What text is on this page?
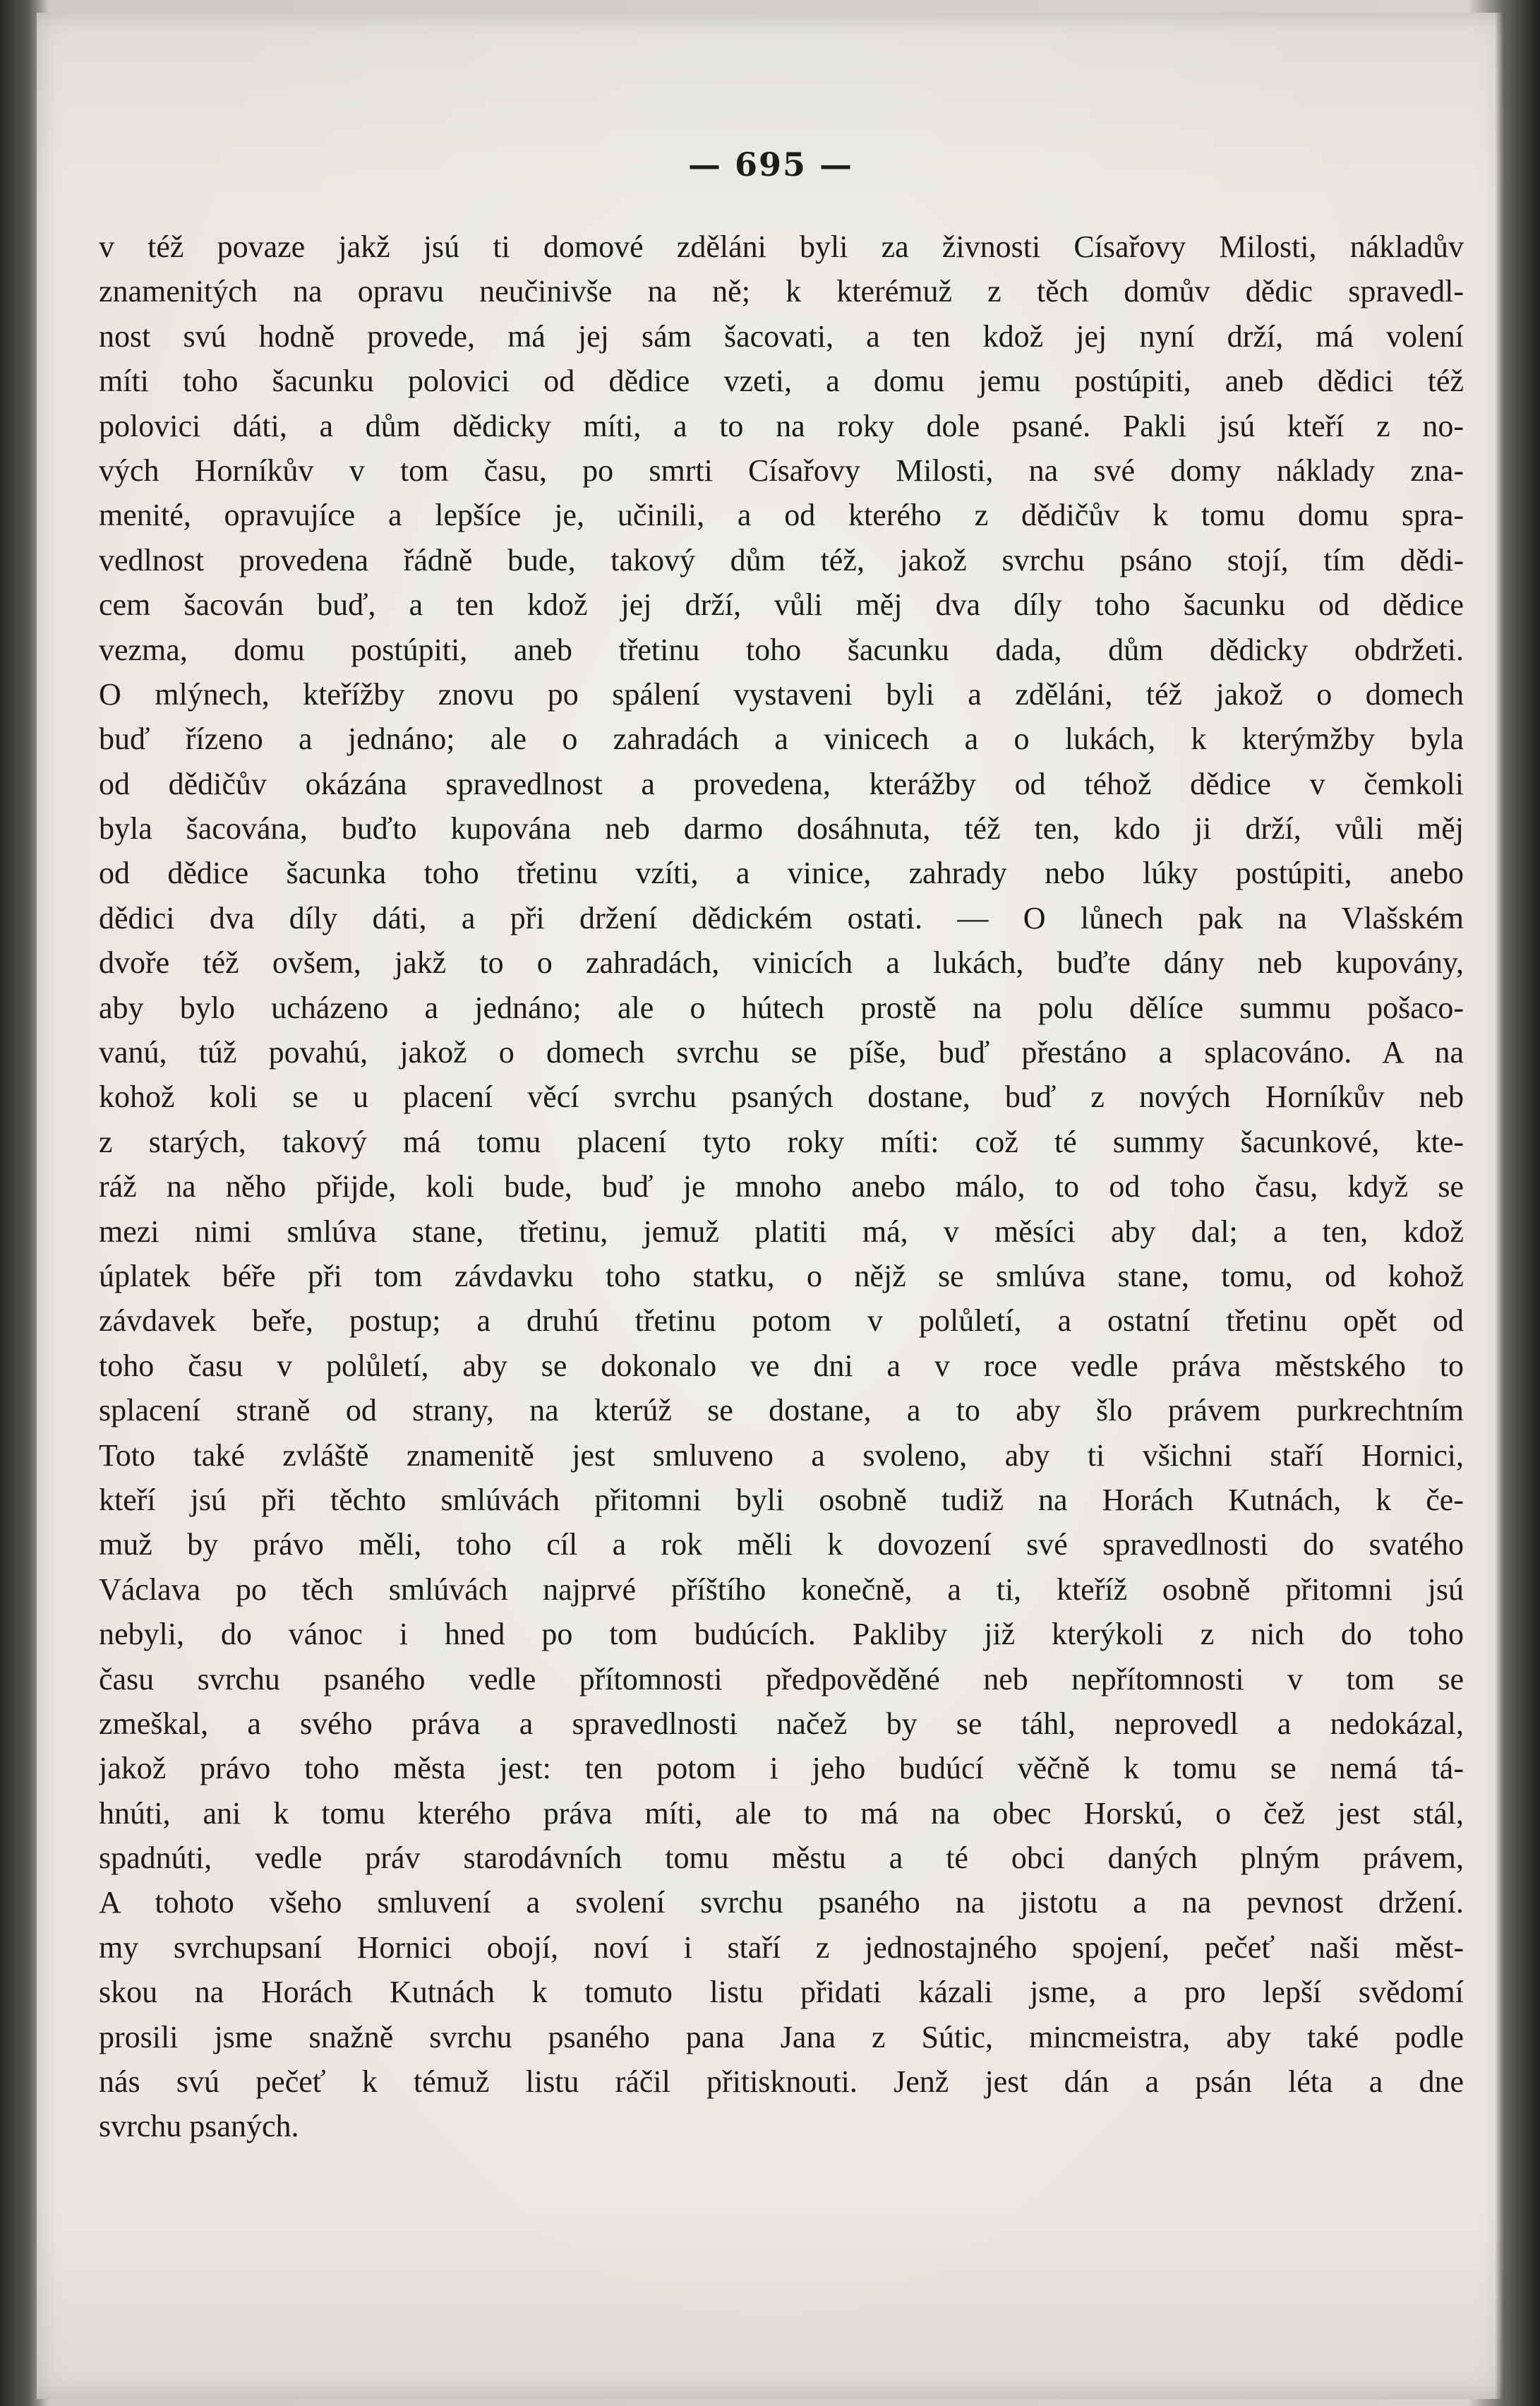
— 695 —
v též povaze jakž jsú ti domové zděláni byli za živnosti Císařovy Milosti, nákladův
znamenitých na opravu neučinivše na ně; k kterémuž z těch domův dědic spravedl-
nost svú hodně provede, má jej sám šacovati, a ten kdož jej nyní drží, má volení
míti toho šacunku polovici od dědice vzeti, a domu jemu postúpiti, aneb dědici též
polovici dáti, a dům dědicky míti, a to na roky dole psané. Pakli jsú kteří z no-
vých Horníkův v tom času, po smrti Císařovy Milosti, na své domy náklady zna-
menité, opravujíce a lepšíce je, učinili, a od kterého z dědičův k tomu domu spra-
vedlnost provedena řádně bude, takový dům též, jakož svrchu psáno stojí, tím dědi-
cem šacován buď, a ten kdož jej drží, vůli měj dva díly toho šacunku od dědice
vezma, domu postúpiti, aneb třetinu toho šacunku dada, dům dědicky obdržeti.
O mlýnech, kteřížby znovu po spálení vystaveni byli a zděláni, též jakož o domech
buď řízeno a jednáno; ale o zahradách a vinicech a o lukách, k kterýmžby byla
od dědičův okázána spravedlnost a provedena, kterážby od téhož dědice v čemkoli
byla šacována, buďto kupována neb darmo dosáhnuta, též ten, kdo ji drží, vůli měj
od dědice šacunka toho třetinu vzíti, a vinice, zahrady nebo lúky postúpiti, anebo
dědici dva díly dáti, a při držení dědickém ostati. — O lůnech pak na Vlašském
dvoře též ovšem, jakž to o zahradách, vinicích a lukách, buďte dány neb kupovány,
aby bylo ucházeno a jednáno; ale o hútech prostě na polu dělíce summu pošaco-
vanú, túž povahú, jakož o domech svrchu se píše, buď přestáno a splacováno. A na
kohož koli se u placení věcí svrchu psaných dostane, buď z nových Horníkův neb
z starých, takový má tomu placení tyto roky míti: což té summy šacunkové, kte-
ráž na něho přijde, koli bude, buď je mnoho anebo málo, to od toho času, když se
mezi nimi smlúva stane, třetinu, jemuž platiti má, v měsíci aby dal; a ten, kdož
úplatek béře při tom závdavku toho statku, o nějž se smlúva stane, tomu, od kohož
závdavek beře, postup; a druhú třetinu potom v polůletí, a ostatní třetinu opět od
toho času v polůletí, aby se dokonalo ve dni a v roce vedle práva městského to
splacení straně od strany, na kterúž se dostane, a to aby šlo právem purkrechtním
Toto také zvláště znamenitě jest smluveno a svoleno, aby ti všichni staří Hornici,
kteří jsú při těchto smlúvách přitomni byli osobně tudiž na Horách Kutnách, k če-
muž by právo měli, toho cíl a rok měli k dovození své spravedlnosti do svatého
Václava po těch smlúvách najprvé příštího konečně, a ti, kteříž osobně přitomni jsú
nebyli, do vánoc i hned po tom budúcích. Pakliby již kterýkoli z nich do toho
času svrchu psaného vedle přítomnosti předpověděné neb nepřítomnosti v tom se
zmeškal, a svého práva a spravedlnosti načež by se táhl, neprovedl a nedokázal,
jakož právo toho města jest: ten potom i jeho budúcí věčně k tomu se nemá tá-
hnúti, ani k tomu kterého práva míti, ale to má na obec Horskú, o čež jest stál,
spadnúti, vedle práv starodávních tomu městu a té obci daných plným právem,
A tohoto všeho smluvení a svolení svrchu psaného na jistotu a na pevnost držení.
my svrchupsaní Hornici obojí, noví i staří z jednostajného spojení, pečeť naši měst-
skou na Horách Kutnách k tomuto listu přidati kázali jsme, a pro lepší svědomí
prosili jsme snažně svrchu psaného pana Jana z Sútic, mincmeistra, aby také podle
nás svú pečeť k témuž listu ráčil přitisknouti. Jenž jest dán a psán léta a dne
svrchu psaných.
